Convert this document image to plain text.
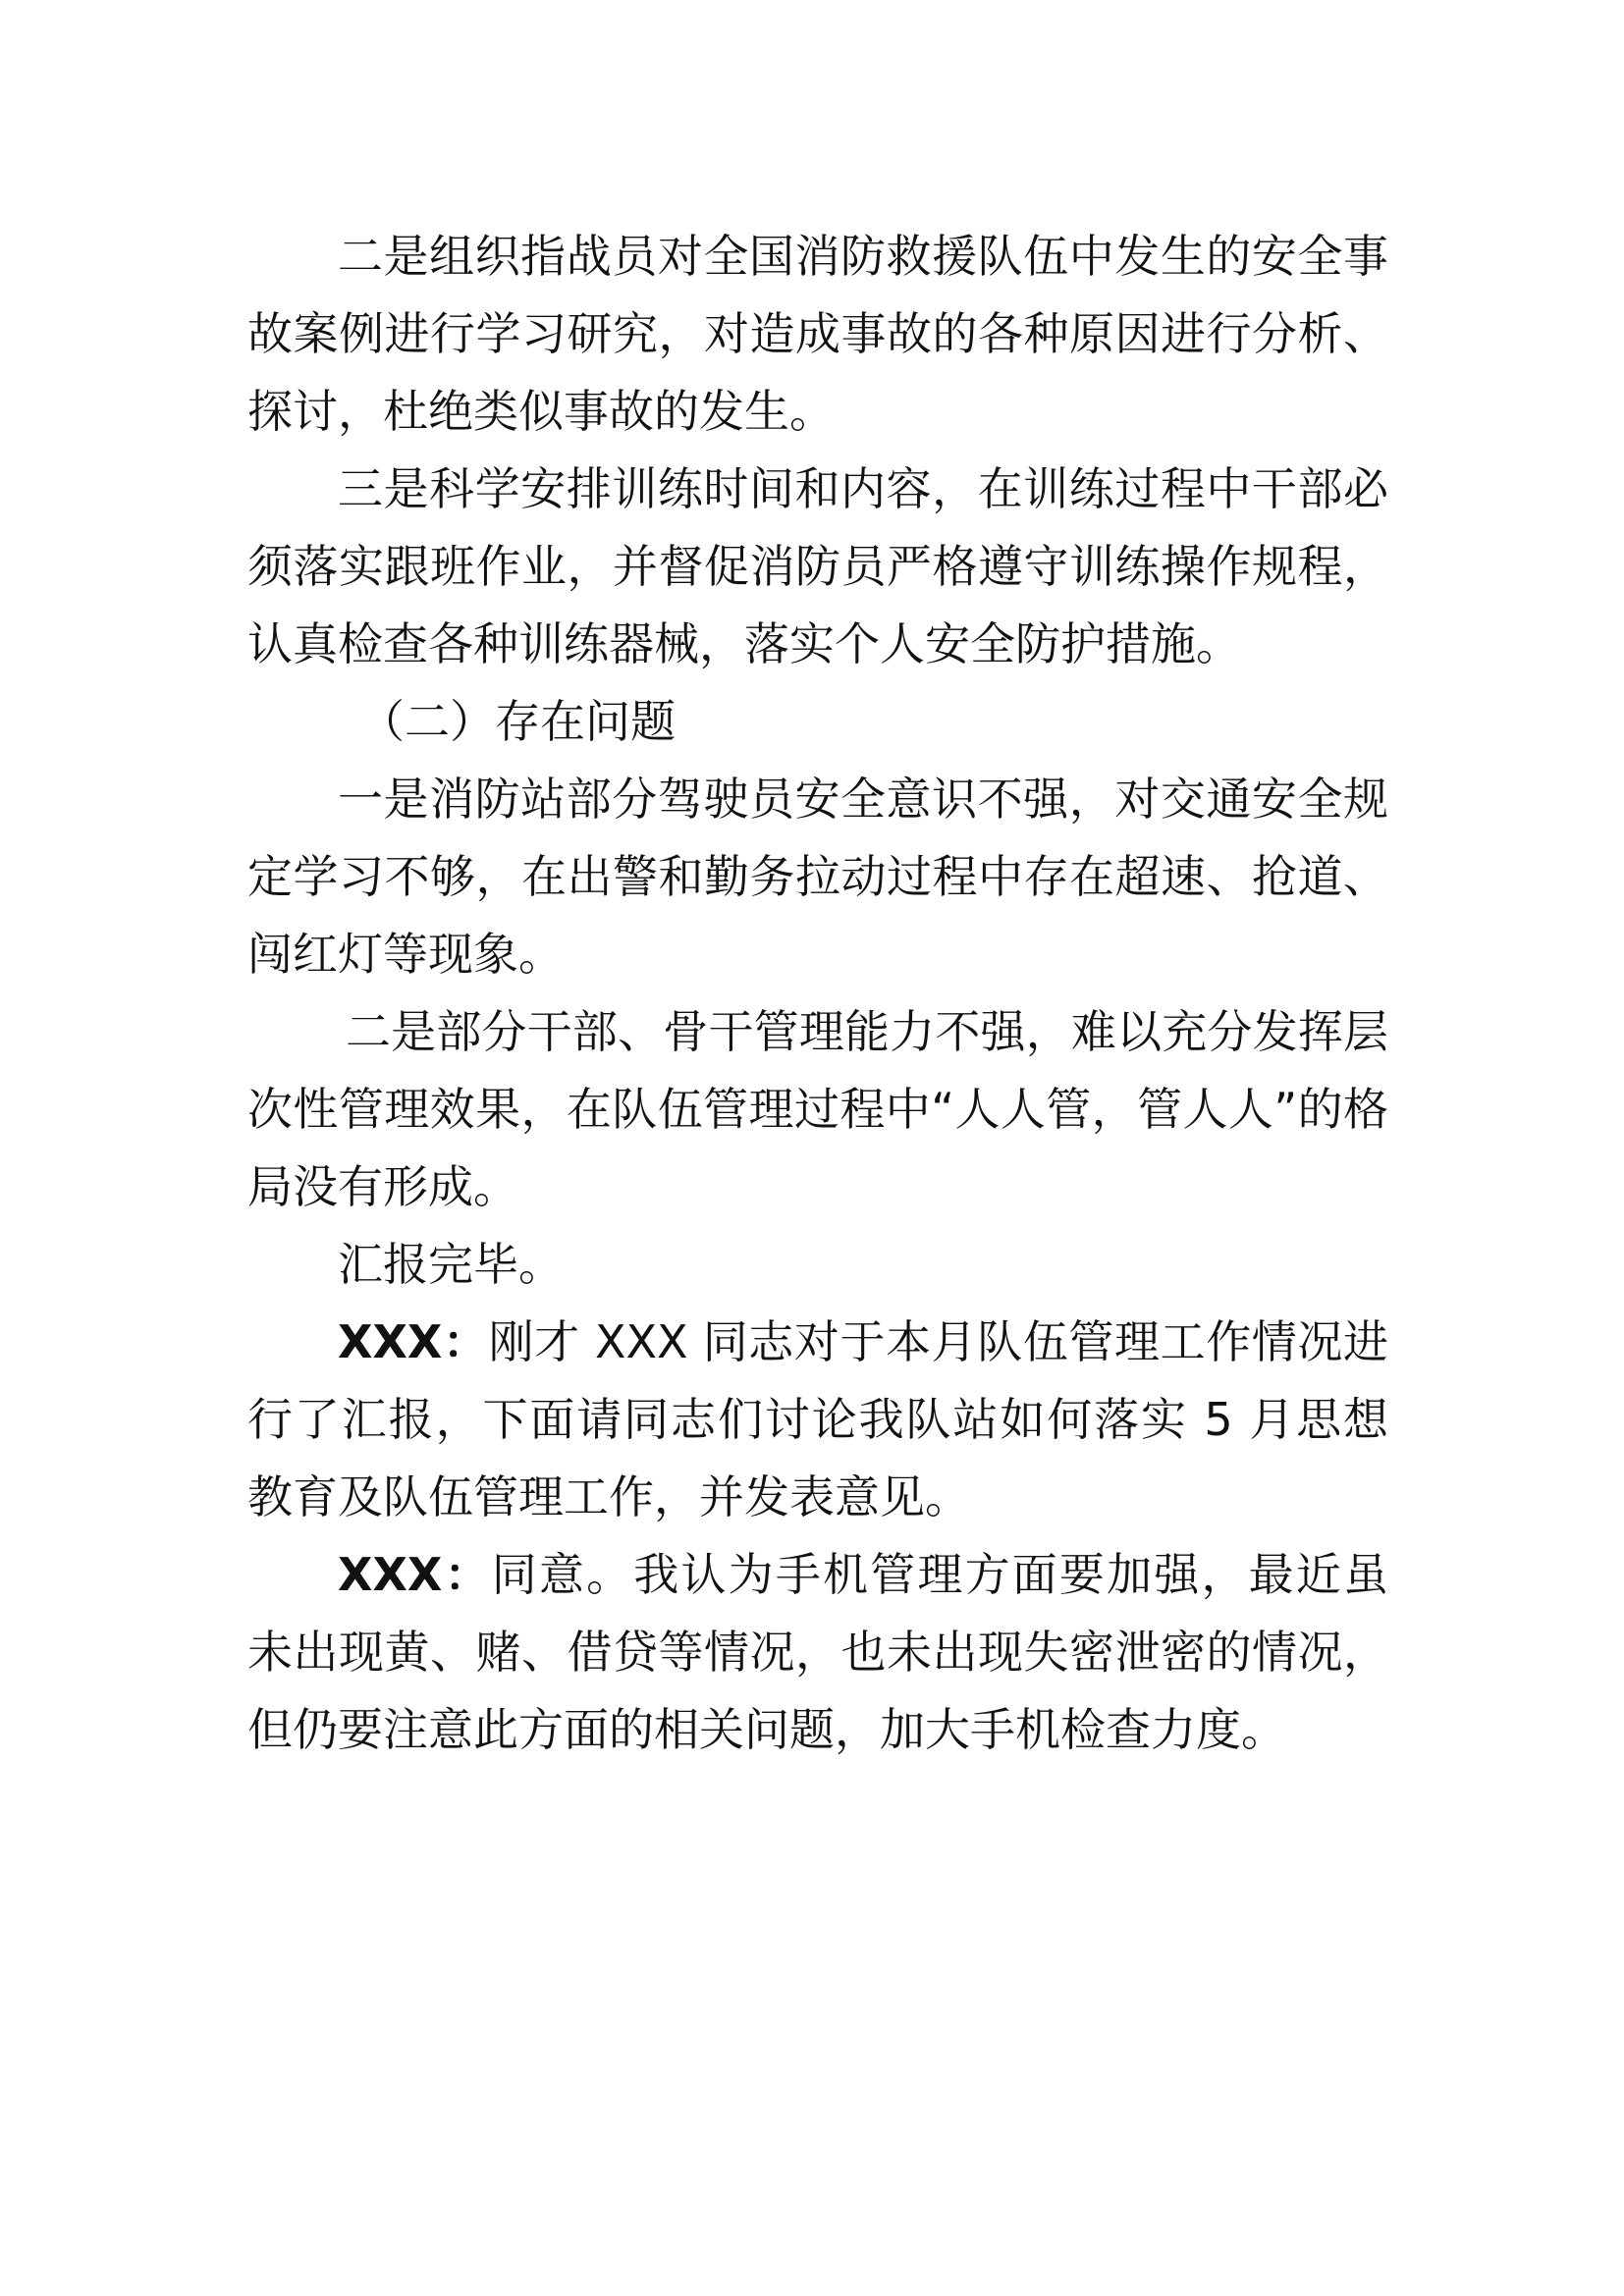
二是组织指战员对全国消防救援队伍中发生的安全事故案例进行学习研究，对造成事故的各种原因进行分析、探讨，杜绝类似事故的发生。

三是科学安排训练时间和内容，在训练过程中干部必须落实跟班作业，并督促消防员严格遵守训练操作规程，认真检查各种训练器械，落实个人安全防护措施。

（二）存在问题

一是消防站部分驾驶员安全意识不强，对交通安全规定学习不够，在出警和勤务拉动过程中存在超速、抢道、闯红灯等现象。

二是部分干部、骨干管理能力不强，难以充分发挥层次性管理效果，在队伍管理过程中“人人管，管人人”的格局没有形成。

汇报完毕。

XXX：刚才 XXX 同志对于本月队伍管理工作情况进行了汇报，下面请同志们讨论我队站如何落实 5 月思想教育及队伍管理工作，并发表意见。

XXX：同意。我认为手机管理方面要加强，最近虽未出现黄、赌、借贷等情况，也未出现失密泄密的情况，但仍要注意此方面的相关问题，加大手机检查力度。
